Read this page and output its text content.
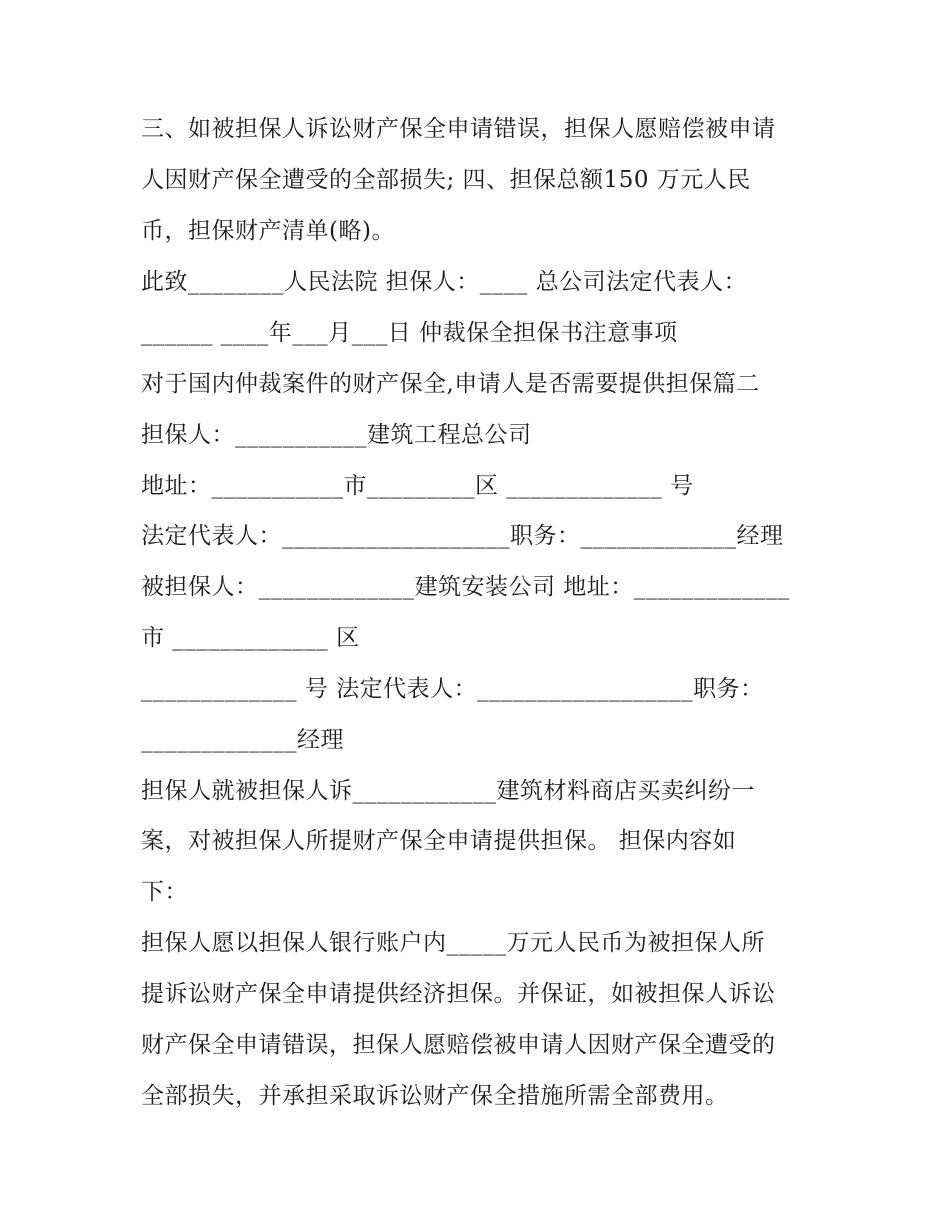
三、如被担保人诉讼财产保全申请错误，担保人愿赔偿被申请
人因财产保全遭受的全部损失; 四、担保总额150 万元人民
币，担保财产清单(略)。
此致________人民法院 担保人：____ 总公司法定代表人：
______ ____年___月___日 仲裁保全担保书注意事项
对于国内仲裁案件的财产保全,申请人是否需要提供担保篇二
担保人：___________建筑工程总公司
地址：___________市_________区 _____________ 号
法定代表人：___________________职务：_____________经理
被担保人：_____________建筑安装公司 地址：_____________
市 _____________ 区
_____________ 号 法定代表人：__________________职务：
_____________经理
担保人就被担保人诉____________建筑材料商店买卖纠纷一
案，对被担保人所提财产保全申请提供担保。 担保内容如
下：
担保人愿以担保人银行账户内_____万元人民币为被担保人所
提诉讼财产保全申请提供经济担保。并保证，如被担保人诉讼
财产保全申请错误，担保人愿赔偿被申请人因财产保全遭受的
全部损失，并承担采取诉讼财产保全措施所需全部费用。
